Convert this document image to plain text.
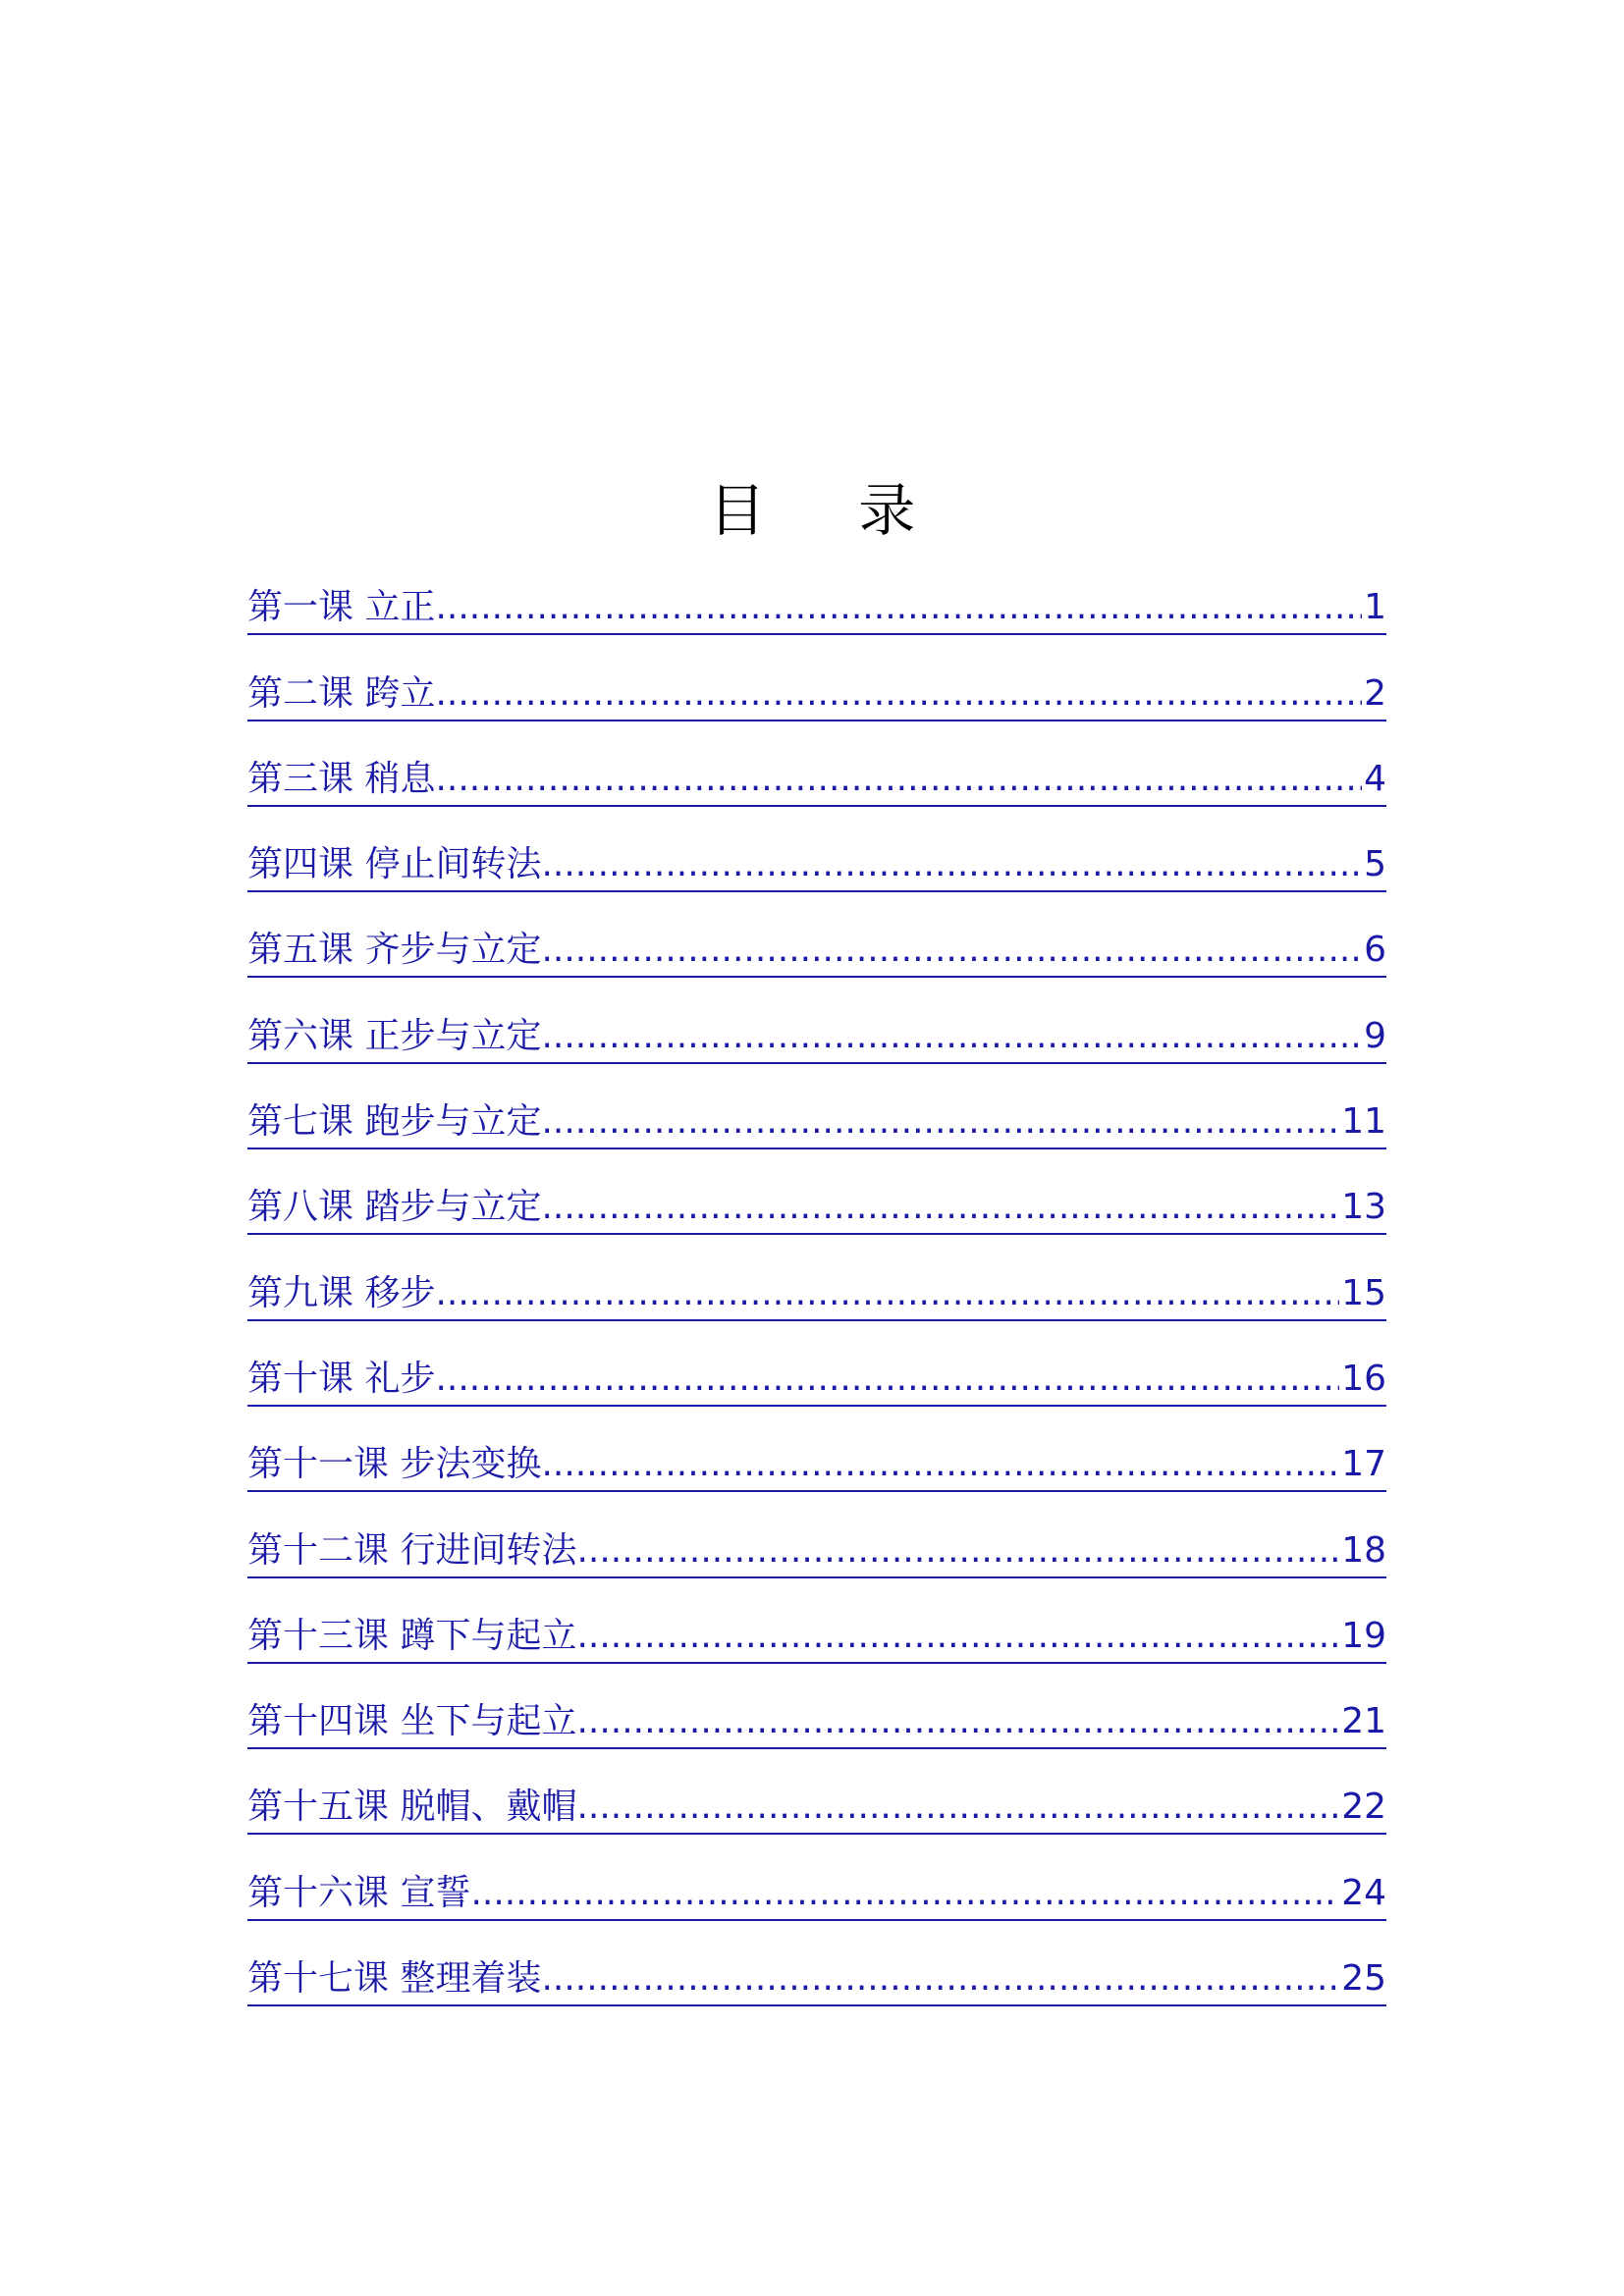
目 录
第一课 立正 .....	1
第二课 跨立 .....	2
第三课 稍息 .....	4
第四课 停止间转法 .....	5
第五课 齐步与立定 .....	6
第六课 正步与立定 .....	9
第七课 跑步与立定 .....	11
第八课 踏步与立定 .....	13
第九课 移步 .....	15
第十课 礼步 .....	16
第十一课 步法变换 .....	17
第十二课 行进间转法 .....	18
第十三课 蹲下与起立 .....	19
第十四课 坐下与起立 .....	21
第十五课 脱帽、戴帽 .....	22
第十六课 宣誓 .....	24
第十七课 整理着装 .....	25
